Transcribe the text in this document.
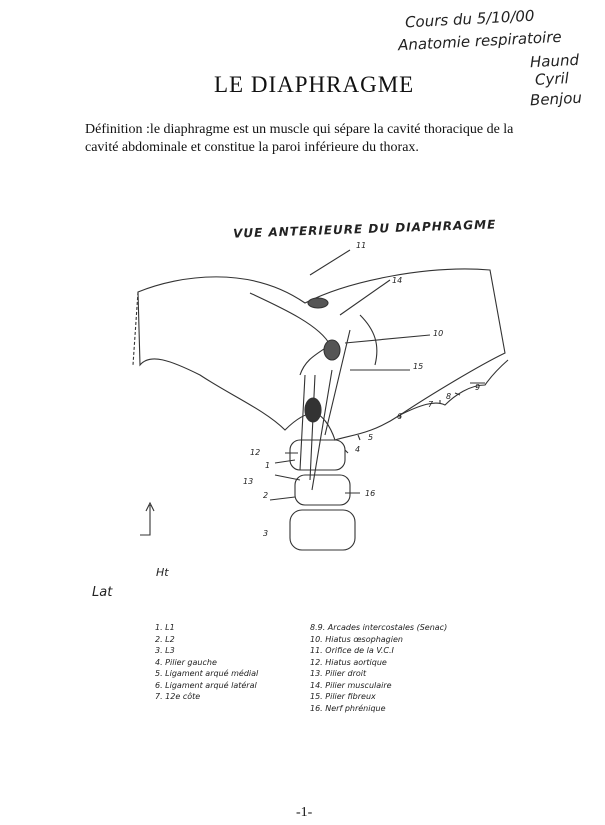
Cours du 5/10/00
Anatomie respiratoire
Haund
Cyril
Benjou
LE DIAPHRAGME

Définition :le diaphragme est un muscle qui sépare la cavité thoracique de la cavité abdominale et constitue la paroi inférieure du thorax.

VUE ANTERIEURE DU DIAPHRAGME
11
14
10
15
9
8
7
6
5
4
12
1
13
2
3
16
Ht
Lat
1. L1
2. L2
3. L3
4. Pilier gauche
5. Ligament arqué médial
6. Ligament arqué latéral
7. 12e côte
8.9. Arcades intercostales (Senac)
10. Hiatus œsophagien
11. Orifice de la V.C.I
12. Hiatus aortique
13. Pilier droit
14. Pilier musculaire
15. Pilier fibreux
16. Nerf phrénique
-1-
